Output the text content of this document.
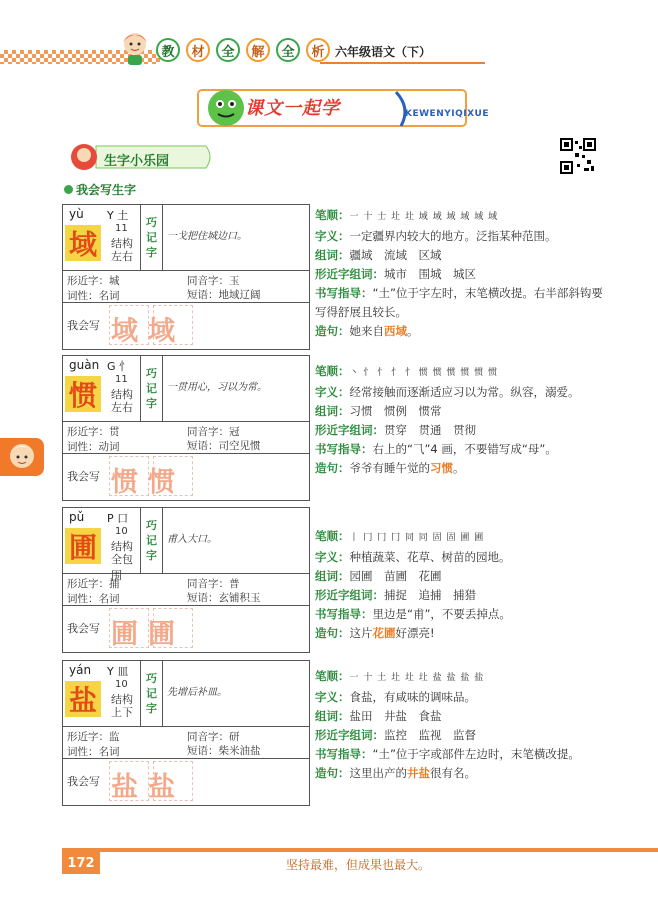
教	材	全	解	全	析 六年级语文（下）
课文一起学	KEWENYIQIXUE
生字小乐园
我会写生字
yù Y 土
域	11
结构
左右
巧
记
字
一戈把住城边口。
形近字：城	同音字：玉
词性：名词	短语：地域辽阔
我会写 域域
guàn G 忄
惯	11
结构
左右
巧
记
字
一贯用心，习以为常。
形近字：贯	同音字：冠
词性：动词	短语：司空见惯
我会写 惯惯
pǔ P 口
圃	10
结构
全包围
巧
记
字
甫入大口。
形近字：捕	同音字：普
词性：名词	短语：玄铺积玉
我会写 圃圃
yán Y 皿
盐	10
结构
上下
巧
记
字
先增后补皿。
形近字：监	同音字：研
词性：名词	短语：柴米油盐
我会写 盐盐
笔顺：一 十 士 圵 圵 域 域 域 域 域 域
字义：一定疆界内较大的地方。泛指某种范围。
组词：疆域　流域　区域
形近字组词：城市　围城　城区
书写指导：“土”位于字左时，末笔横改提。右半部斜钩要写得舒展且较长。
造句：她来自西域。
笔顺：丶 忄 忄 忄 忄 惯 惯 惯 惯 惯 惯
字义：经常接触而逐渐适应习以为常。纵容，溺爱。
组词：习惯　惯例　惯常
形近字组词：贯穿　贯通　贯彻
书写指导：右上的“⺄”4 画，不要错写成“母”。
造句：爷爷有睡午觉的习惯。
笔顺：丨 冂 冂 冂 同 同 固 固 圃 圃
字义：种植蔬菜、花草、树苗的园地。
组词：园圃　苗圃　花圃
形近字组词：捕捉　追捕　捕猎
书写指导：里边是“甫”，不要丢掉点。
造句：这片花圃好漂亮!
笔顺：一 十 土 圵 圵 圵 盐 盐 盐 盐
字义：食盐，有咸味的调味品。
组词：盐田　井盐　食盐
形近字组词：监控　监视　监督
书写指导：“土”位于字或部件左边时，末笔横改提。
造句：这里出产的井盐很有名。
172	坚持最难，但成果也最大。
